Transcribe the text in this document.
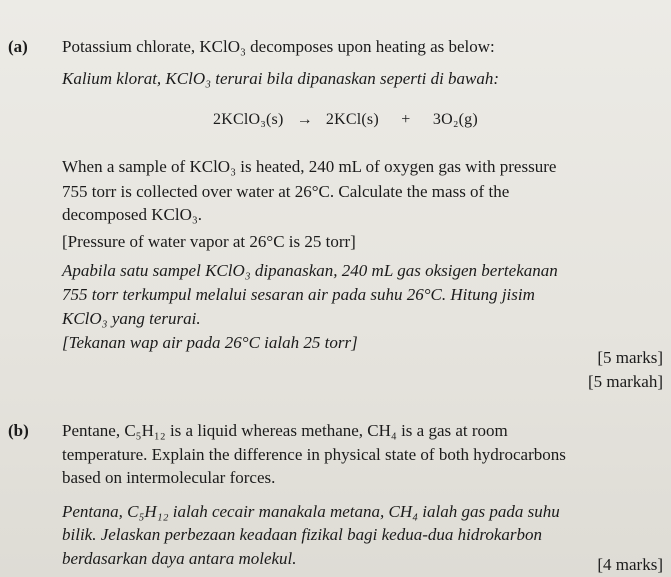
(a) Potassium chlorate, KClO₃ decomposes upon heating as below:
Kalium klorat, KClO₃ terurai bila dipanaskan seperti di bawah:
2KClO₃(s) → 2KCl(s) + 3O₂(g)
When a sample of KClO₃ is heated, 240 mL of oxygen gas with pressure
755 torr is collected over water at 26°C. Calculate the mass of the
decomposed KClO₃.
[Pressure of water vapor at 26°C is 25 torr]
Apabila satu sampel KClO₃ dipanaskan, 240 mL gas oksigen bertekanan
755 torr terkumpul melalui sesaran air pada suhu 26°C. Hitung jisim
KClO₃ yang terurai.
[Tekanan wap air pada 26°C ialah 25 torr]
[5 marks]
[5 markah]
(b) Pentane, C₅H₁₂ is a liquid whereas methane, CH₄ is a gas at room
temperature. Explain the difference in physical state of both hydrocarbons
based on intermolecular forces.
Pentana, C₅H₁₂ ialah cecair manakala metana, CH₄ ialah gas pada suhu
bilik. Jelaskan perbezaan keadaan fizikal bagi kedua-dua hidrokarbon
berdasarkan daya antara molekul.	[4 marks]
